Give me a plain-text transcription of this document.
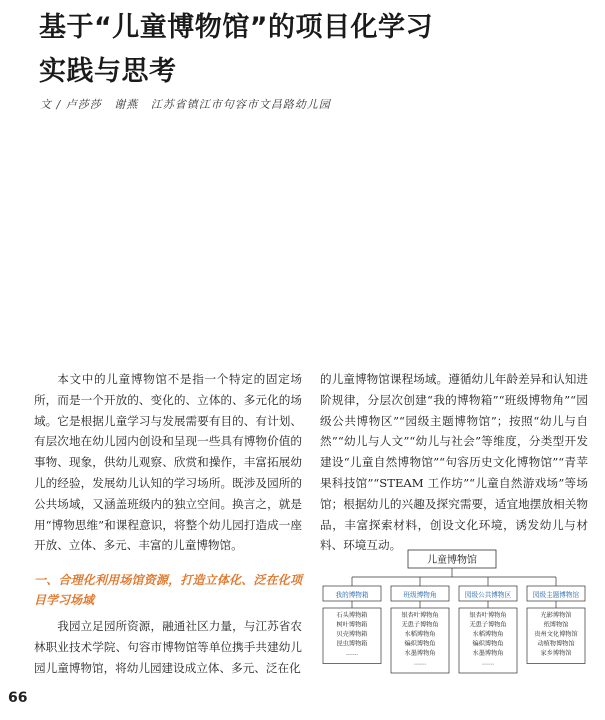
基于“儿童博物馆”的项目化学习
实践与思考
文 / 卢莎莎 谢燕 江苏省镇江市句容市文昌路幼儿园

本文中的儿童博物馆不是指一个特定的固定场所，而是一个开放的、变化的、立体的、多元化的场域。它是根据儿童学习与发展需要有目的、有计划、有层次地在幼儿园内创设和呈现一些具有博物价值的事物、现象，供幼儿观察、欣赏和操作，丰富拓展幼儿的经验，发展幼儿认知的学习场所。既涉及园所的公共场域，又涵盖班级内的独立空间。换言之，就是用“博物思维”和课程意识，将整个幼儿园打造成一座开放、立体、多元、丰富的儿童博物馆。

一、合理化利用场馆资源，打造立体化、泛在化项目学习场域

我园立足园所资源，融通社区力量，与江苏省农林职业技术学院、句容市博物馆等单位携手共建幼儿园儿童博物馆，将幼儿园建设成立体、多元、泛在化

的儿童博物馆课程场域。遵循幼儿年龄差异和认知进阶规律，分层次创建“我的博物箱”“班级博物角”“园级公共博物区”“园级主题博物馆”；按照“幼儿与自然”“幼儿与人文”“幼儿与社会”等维度，分类型开发建设“儿童自然博物馆”“句容历史文化博物馆”“青苹果科技馆”“STEAM 工作坊”“儿童自然游戏场”等场馆；根据幼儿的兴趣及探究需要，适宜地摆放相关物品，丰富探索材料，创设文化环境，诱发幼儿与材料、环境互动。

儿童博物馆
我的博物箱
石头博物箱
树叶博物箱
贝壳博物箱
昆虫博物箱
……
班级博物角
银杏叶博物角
无患子博物角
水稻博物角
编织博物角
水墨博物角
……
园级公共博物区
银杏叶博物角
无患子博物角
水稻博物角
编织博物角
水墨博物角
……
园级主题博物馆
光影博物馆
纸博物馆
贵州文化博物馆
动植物博物馆
家乡博物馆
66
